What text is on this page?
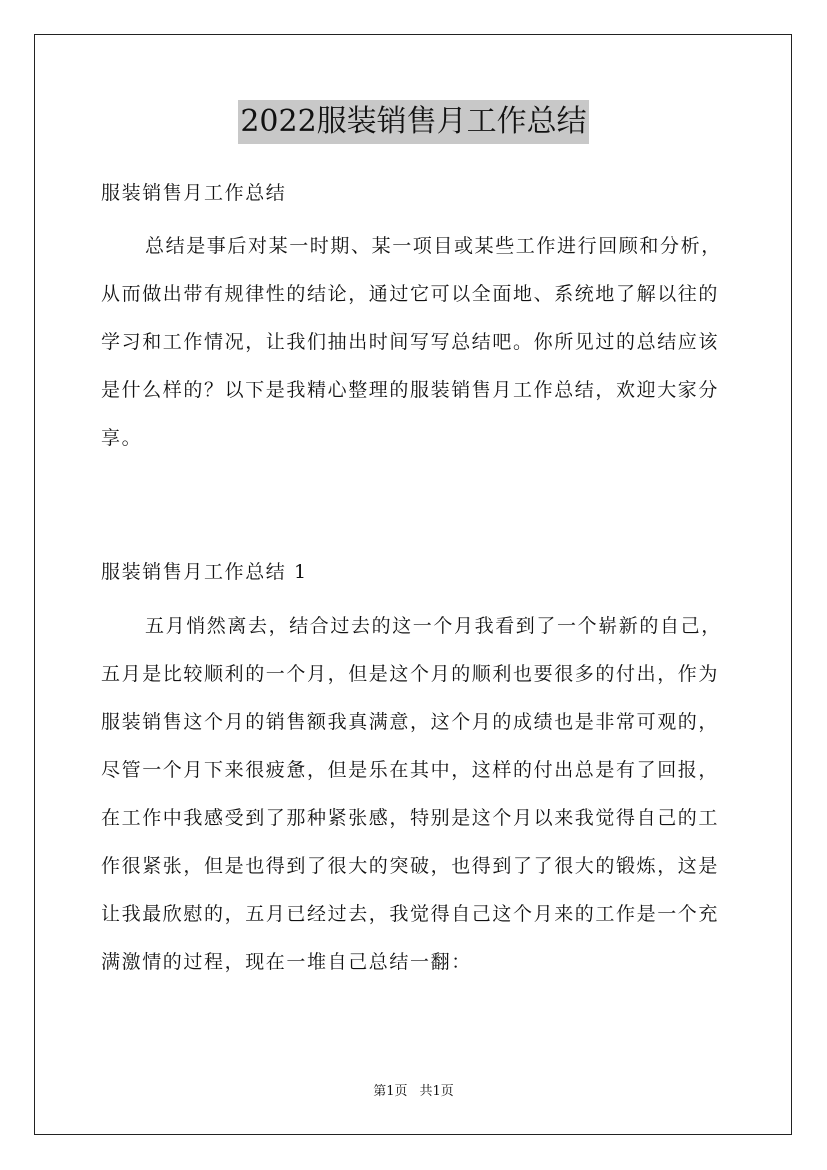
2022服装销售月工作总结

服装销售月工作总结

总结是事后对某一时期、某一项目或某些工作进行回顾和分析，从而做出带有规律性的结论，通过它可以全面地、系统地了解以往的学习和工作情况，让我们抽出时间写写总结吧。你所见过的总结应该是什么样的？以下是我精心整理的服装销售月工作总结，欢迎大家分享。

服装销售月工作总结 1

五月悄然离去，结合过去的这一个月我看到了一个崭新的自己，五月是比较顺利的一个月，但是这个月的顺利也要很多的付出，作为服装销售这个月的销售额我真满意，这个月的成绩也是非常可观的，尽管一个月下来很疲惫，但是乐在其中，这样的付出总是有了回报，在工作中我感受到了那种紧张感，特别是这个月以来我觉得自己的工作很紧张，但是也得到了很大的突破，也得到了了很大的锻炼，这是让我最欣慰的，五月已经过去，我觉得自己这个月来的工作是一个充满激情的过程，现在一堆自己总结一翻：

第1页 共1页
